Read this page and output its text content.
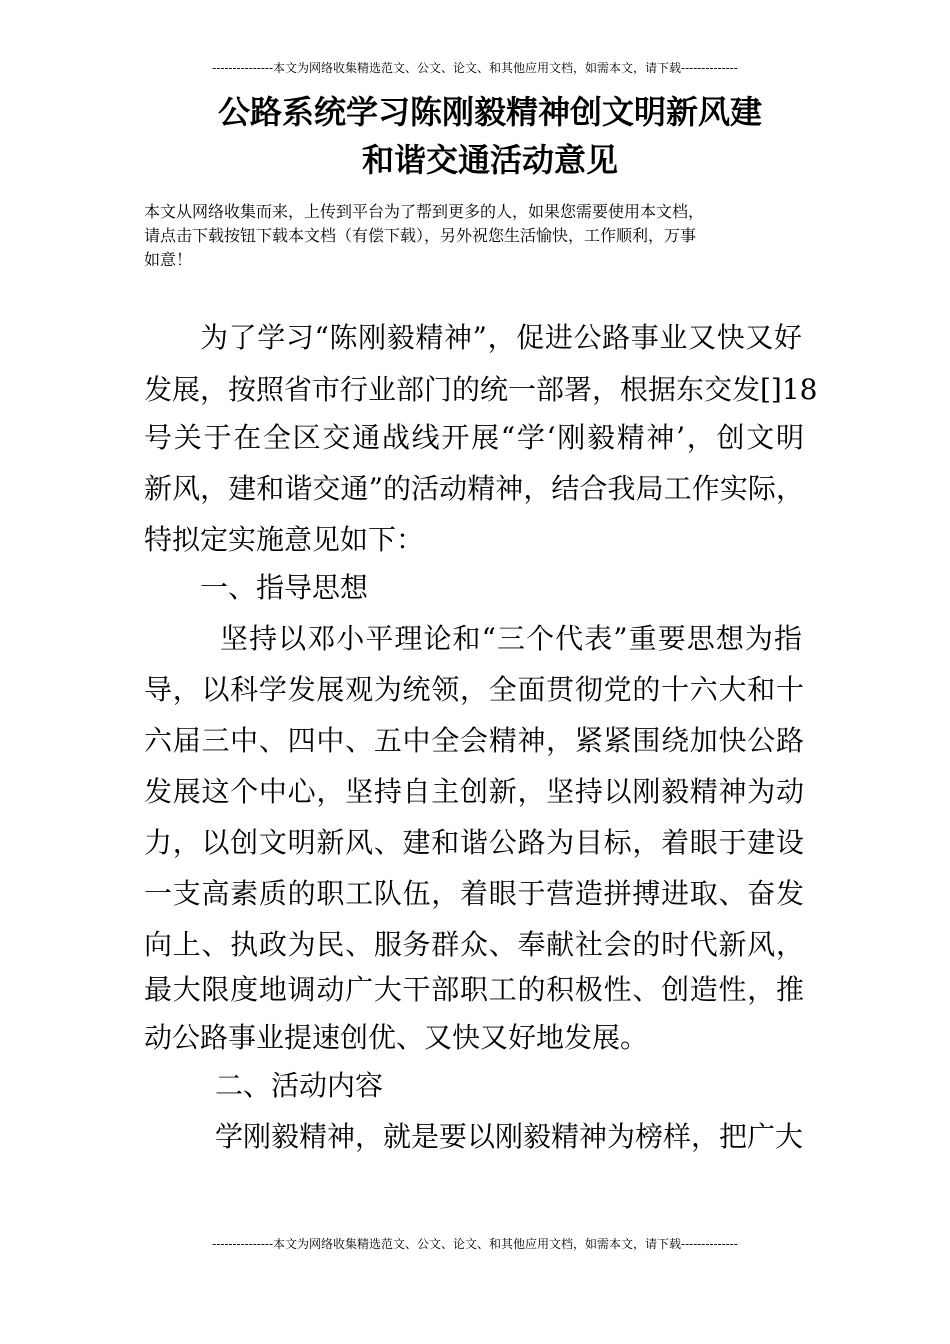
---------------本文为网络收集精选范文、公文、论文、和其他应用文档，如需本文，请下载--------------
公路系统学习陈刚毅精神创文明新风建
和谐交通活动意见
本文从网络收集而来，上传到平台为了帮到更多的人，如果您需要使用本文档，
请点击下载按钮下载本文档（有偿下载），另外祝您生活愉快，工作顺利，万事
如意！
为了学习“陈刚毅精神”，促进公路事业又快又好
发展，按照省市行业部门的统一部署，根据东交发[]18
号关于在全区交通战线开展“学‘刚毅精神’，创文明
新风，建和谐交通”的活动精神，结合我局工作实际，
特拟定实施意见如下：
一、指导思想
坚持以邓小平理论和“三个代表”重要思想为指
导，以科学发展观为统领，全面贯彻党的十六大和十
六届三中、四中、五中全会精神，紧紧围绕加快公路
发展这个中心，坚持自主创新，坚持以刚毅精神为动
力，以创文明新风、建和谐公路为目标，着眼于建设
一支高素质的职工队伍，着眼于营造拼搏进取、奋发
向上、执政为民、服务群众、奉献社会的时代新风，
最大限度地调动广大干部职工的积极性、创造性，推
动公路事业提速创优、又快又好地发展。
二、活动内容
学刚毅精神，就是要以刚毅精神为榜样，把广大
---------------本文为网络收集精选范文、公文、论文、和其他应用文档，如需本文，请下载--------------
